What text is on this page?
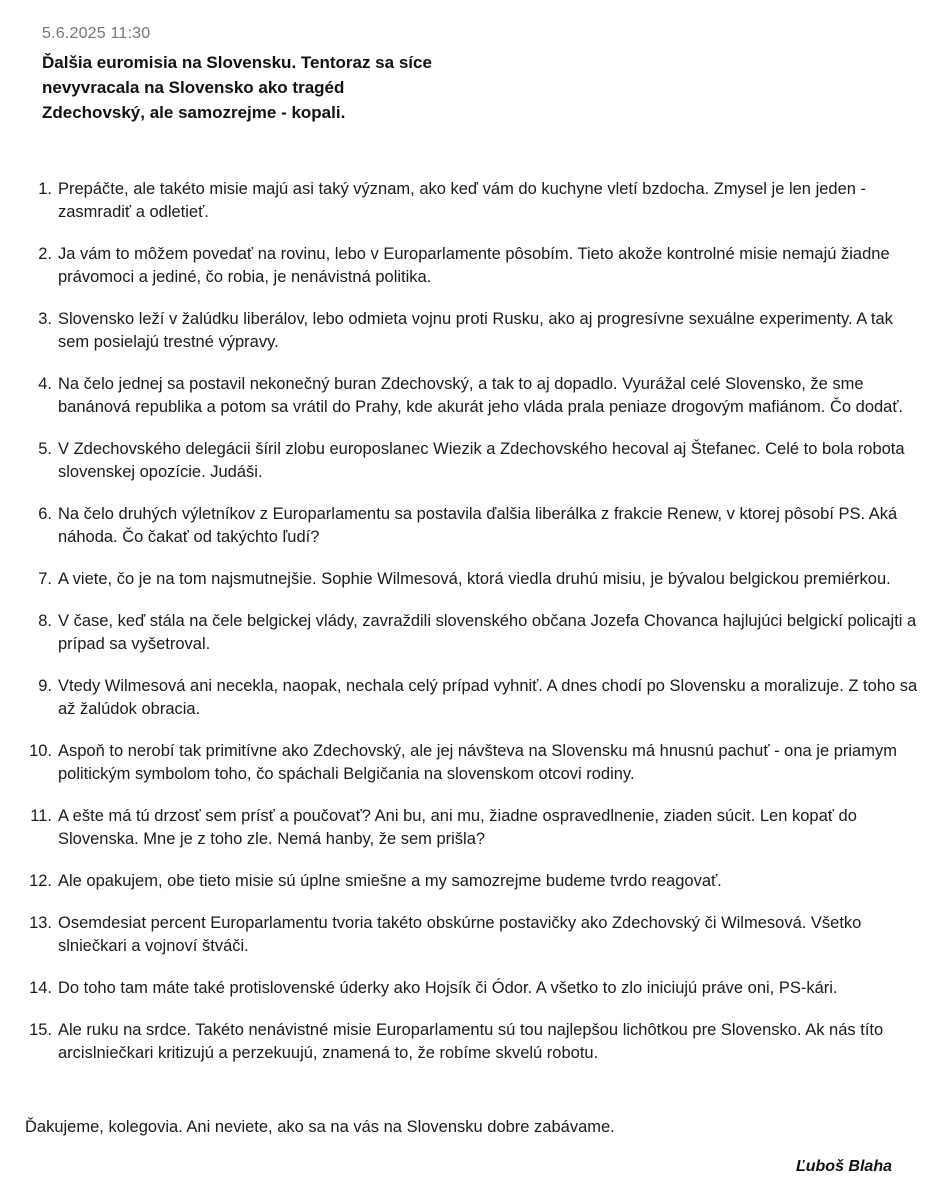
5.6.2025 11:30
Ďalšia euromisia na Slovensku. Tentoraz sa síce nevyvracala na Slovensko ako tragéd Zdechovský, ale samozrejme - kopali.
1. Prepáčte, ale takéto misie majú asi taký význam, ako keď vám do kuchyne vletí bzdocha. Zmysel je len jeden - zasmradiť a odletieť.
2. Ja vám to môžem povedať na rovinu, lebo v Europarlamente pôsobím. Tieto akože kontrolné misie nemajú žiadne právomoci a jediné, čo robia, je nenávistná politika.
3. Slovensko leží v žalúdku liberálov, lebo odmieta vojnu proti Rusku, ako aj progresívne sexuálne experimenty. A tak sem posielajú trestné výpravy.
4. Na čelo jednej sa postavil nekonečný buran Zdechovský, a tak to aj dopadlo. Vyurážal celé Slovensko, že sme banánová republika a potom sa vrátil do Prahy, kde akurát jeho vláda prala peniaze drogovým mafiánom. Čo dodať.
5. V Zdechovského delegácii šíril zlobu europoslanec Wiezik a Zdechovského hecoval aj Štefanec. Celé to bola robota slovenskej opozície. Judáši.
6. Na čelo druhých výletníkov z Europarlamentu sa postavila ďalšia liberálka z frakcie Renew, v ktorej pôsobí PS. Aká náhoda. Čo čakať od takýchto ľudí?
7. A viete, čo je na tom najsmutnejšie. Sophie Wilmesová, ktorá viedla druhú misiu, je bývalou belgickou premiérkou.
8. V čase, keď stála na čele belgickej vlády, zavraždili slovenského občana Jozefa Chovanca hajlujúci belgickí policajti a prípad sa vyšetroval.
9. Vtedy Wilmesová ani necekla, naopak, nechala celý prípad vyhniť. A dnes chodí po Slovensku a moralizuje. Z toho sa až žalúdok obracia.
10. Aspoň to nerobí tak primitívne ako Zdechovský, ale jej návšteva na Slovensku má hnusnú pachuť - ona je priamym politickým symbolom toho, čo spáchali Belgičania na slovenskom otcovi rodiny.
11. A ešte má tú drzosť sem prísť a poučovať? Ani bu, ani mu, žiadne ospravedlnenie, ziaden súcit. Len kopať do Slovenska. Mne je z toho zle. Nemá hanby, že sem prišla?
12. Ale opakujem, obe tieto misie sú úplne smiešne a my samozrejme budeme tvrdo reagovať.
13. Osemdesiat percent Europarlamentu tvoria takéto obskúrne postavičky ako Zdechovský či Wilmesová. Všetko slniečkari a vojnoví štváči.
14. Do toho tam máte také protislovenské úderky ako Hojsík či Ódor. A všetko to zlo iniciujú práve oni, PS-kári.
15. Ale ruku na srdce. Takéto nenávistné misie Europarlamentu sú tou najlepšou lichôtkou pre Slovensko. Ak nás títo arcislniečkari kritizujú a perzekuujú, znamená to, že robíme skvelú robotu.
Ďakujeme, kolegovia. Ani neviete, ako sa na vás na Slovensku dobre zabávame.
Ľuboš Blaha
